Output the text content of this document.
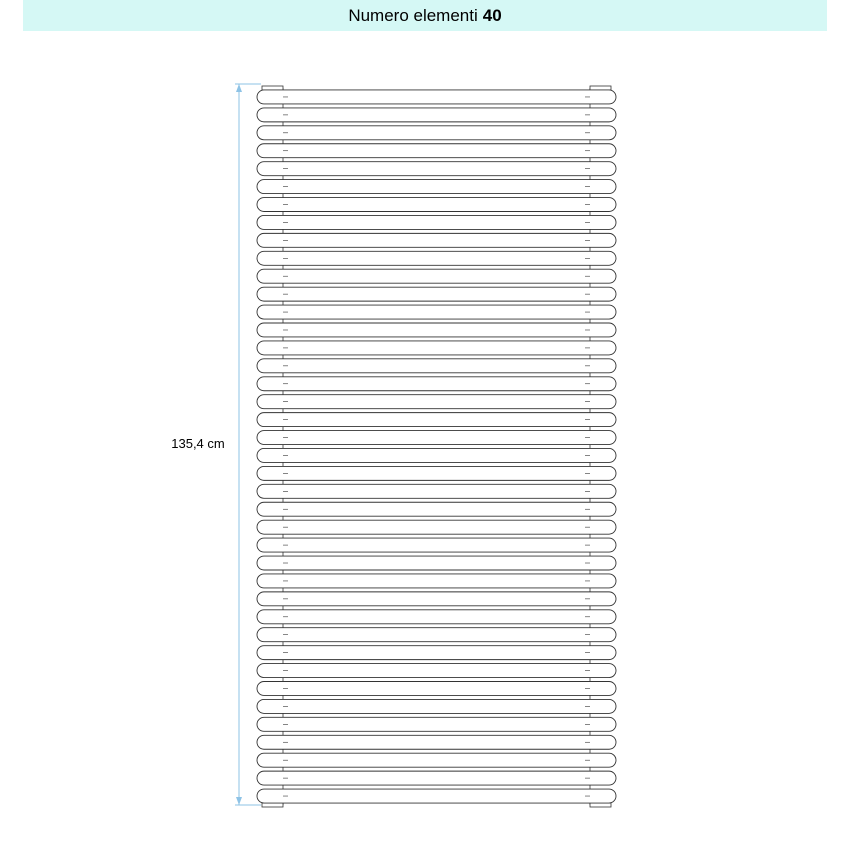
Numero elementi 40
135,4 cm
